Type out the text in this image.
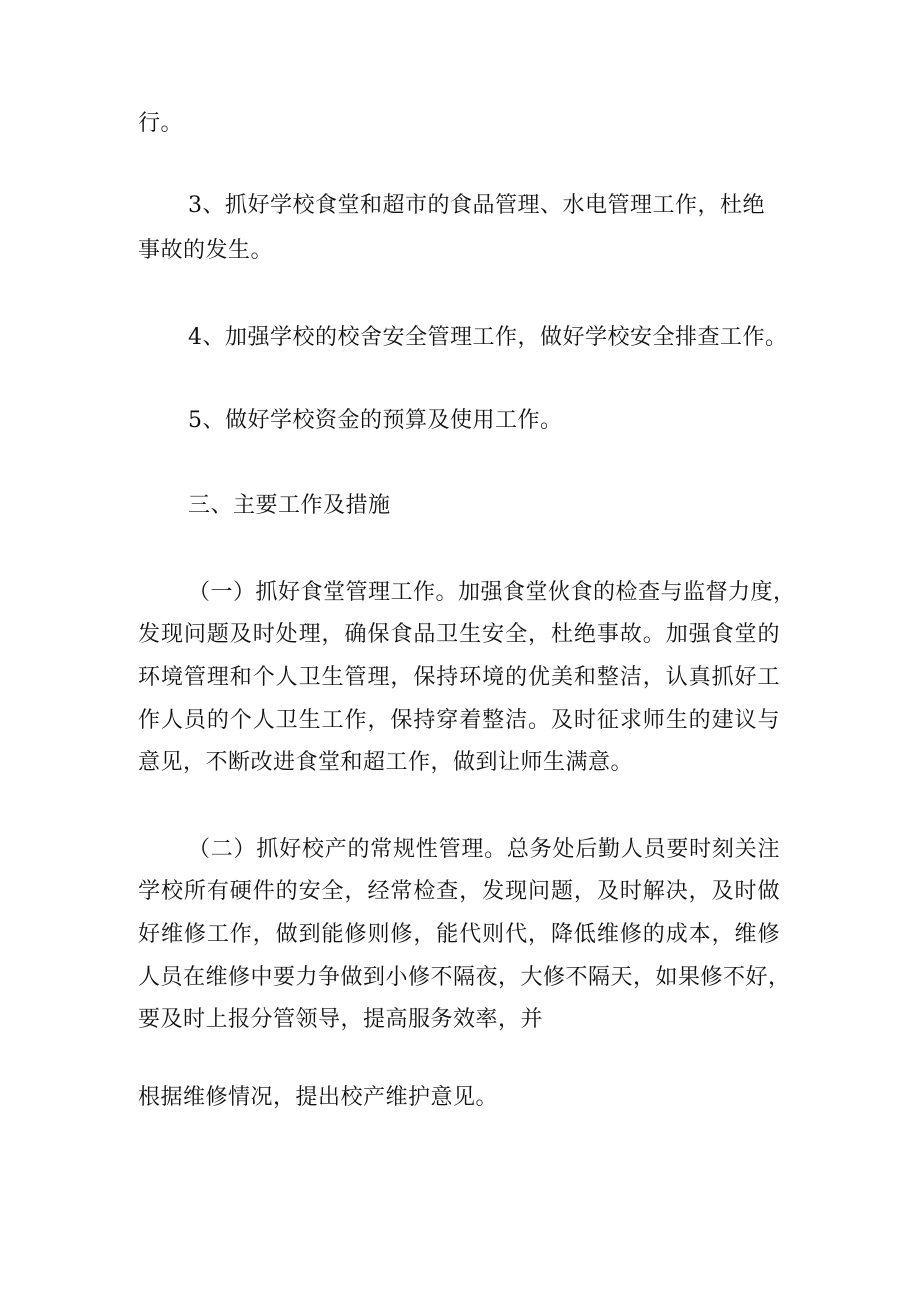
行。
3、抓好学校食堂和超市的食品管理、水电管理工作，杜绝
事故的发生。
4、加强学校的校舍安全管理工作，做好学校安全排查工作。
5、做好学校资金的预算及使用工作。
三、主要工作及措施
（一）抓好食堂管理工作。加强食堂伙食的检查与监督力度，
发现问题及时处理，确保食品卫生安全，杜绝事故。加强食堂的
环境管理和个人卫生管理，保持环境的优美和整洁，认真抓好工
作人员的个人卫生工作，保持穿着整洁。及时征求师生的建议与
意见，不断改进食堂和超工作，做到让师生满意。
（二）抓好校产的常规性管理。总务处后勤人员要时刻关注
学校所有硬件的安全，经常检查，发现问题，及时解决，及时做
好维修工作，做到能修则修，能代则代，降低维修的成本，维修
人员在维修中要力争做到小修不隔夜，大修不隔天，如果修不好，
要及时上报分管领导，提高服务效率，并
根据维修情况，提出校产维护意见。
